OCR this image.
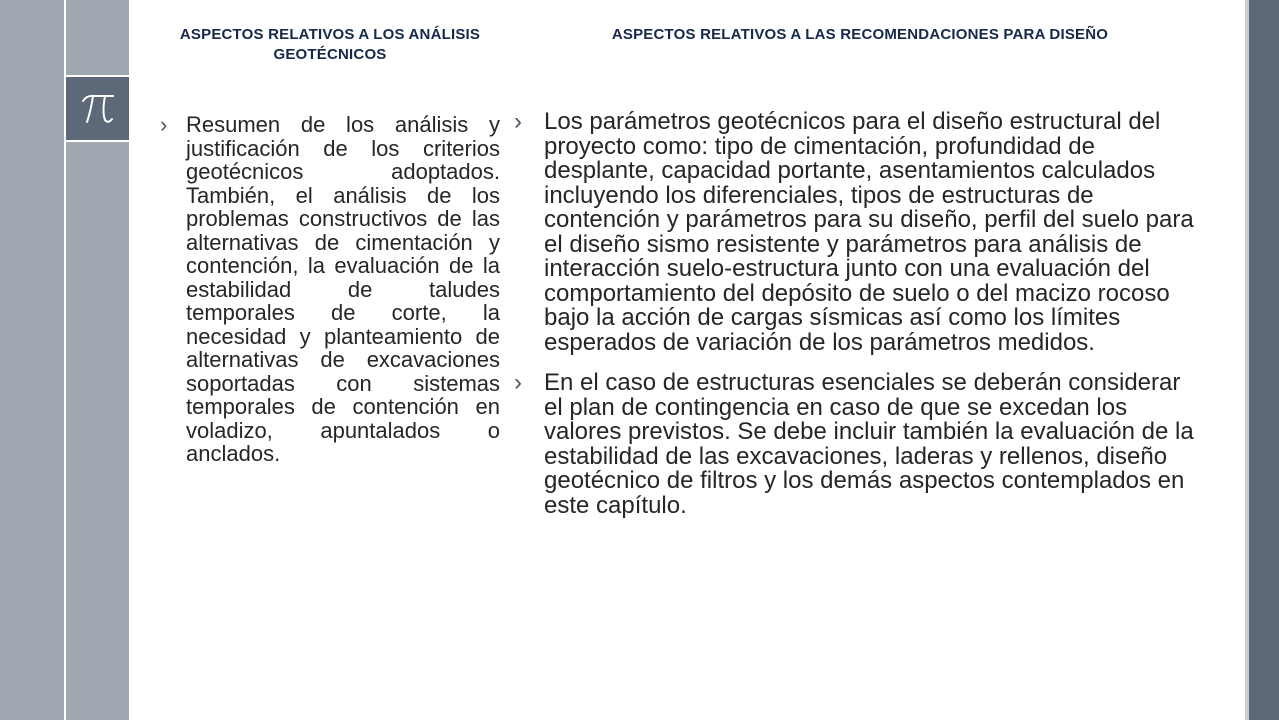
ASPECTOS RELATIVOS A LOS ANÁLISIS GEOTÉCNICOS
ASPECTOS RELATIVOS A LAS RECOMENDACIONES PARA DISEÑO
› Resumen de los análisis y justificación de los criterios geotécnicos adoptados. También, el análisis de los problemas constructivos de las alternativas de cimentación y contención, la evaluación de la estabilidad de taludes temporales de corte, la necesidad y planteamiento de alternativas de excavaciones soportadas con sistemas temporales de contención en voladizo, apuntalados o anclados.
› Los parámetros geotécnicos para el diseño estructural del proyecto como: tipo de cimentación, profundidad de desplante, capacidad portante, asentamientos calculados incluyendo los diferenciales, tipos de estructuras de contención y parámetros para su diseño, perfil del suelo para el diseño sismo resistente y parámetros para análisis de interacción suelo-estructura junto con una evaluación del comportamiento del depósito de suelo o del macizo rocoso bajo la acción de cargas sísmicas así como los límites esperados de variación de los parámetros medidos.
› En el caso de estructuras esenciales se deberán considerar el plan de contingencia en caso de que se excedan los valores previstos. Se debe incluir también la evaluación de la estabilidad de las excavaciones, laderas y rellenos, diseño geotécnico de filtros y los demás aspectos contemplados en este capítulo.
